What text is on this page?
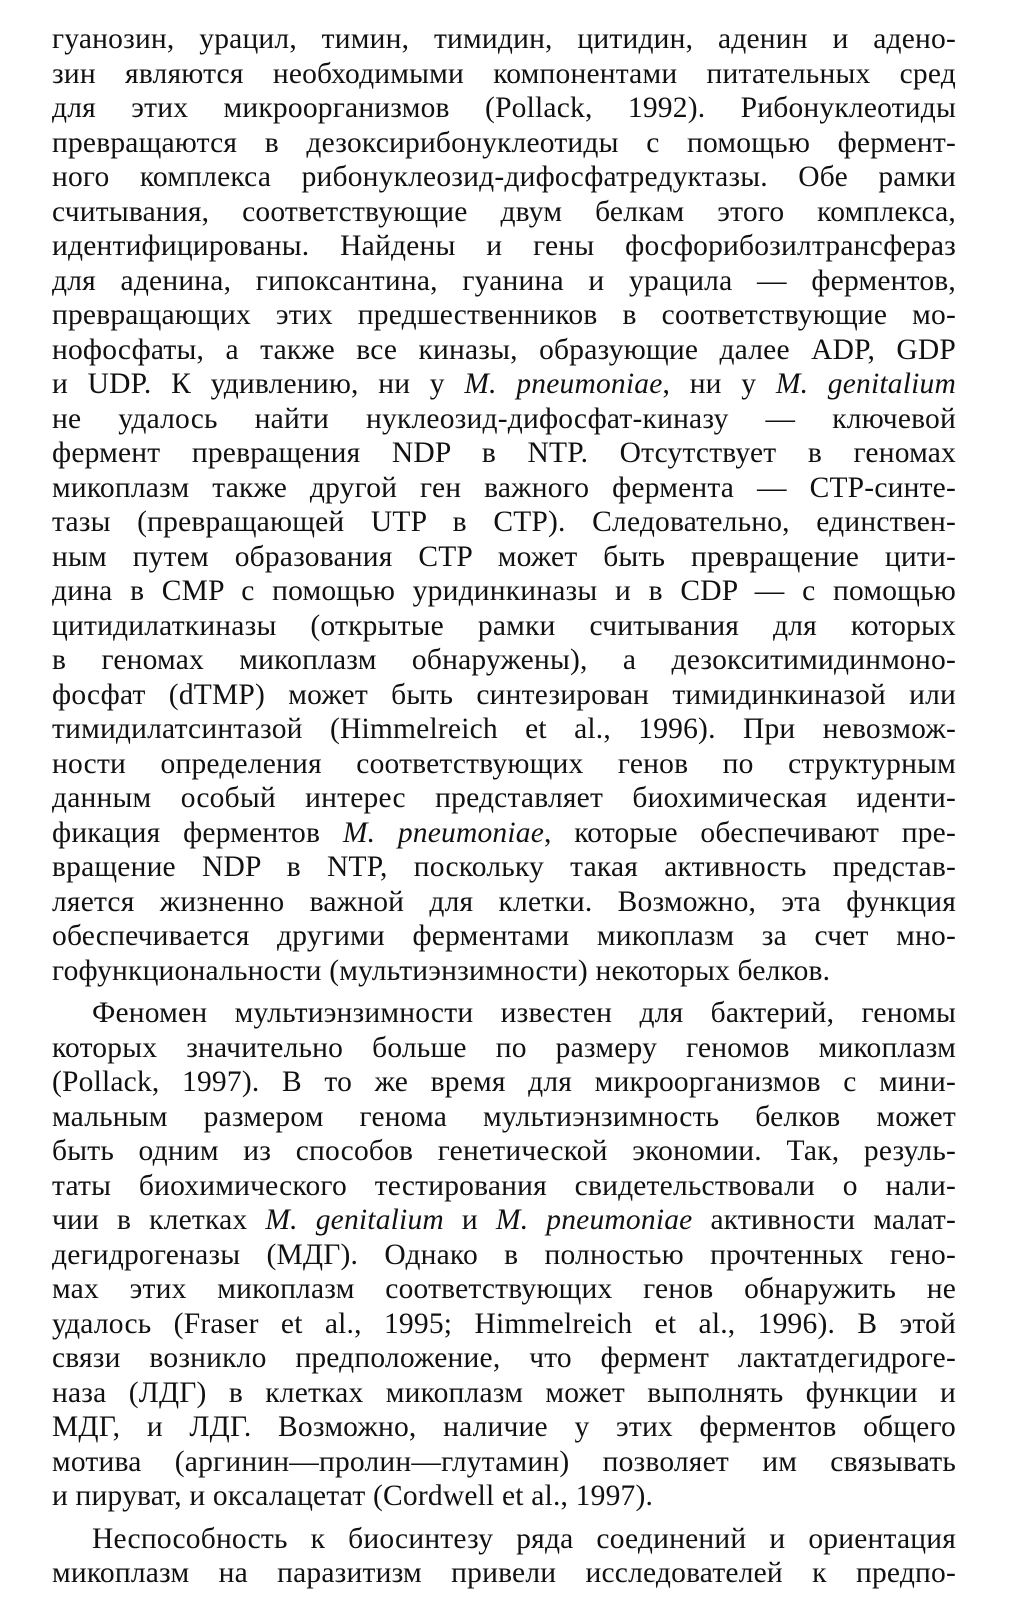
гуанозин, урацил, тимин, тимидин, цитидин, аденин и адено-
зин являются необходимыми компонентами питательных сред
для этих микроорганизмов (Pollack, 1992). Рибонуклеотиды
превращаются в дезоксирибонуклеотиды с помощью фермент-
ного комплекса рибонуклеозид-дифосфатредуктазы. Обе рамки
считывания, соответствующие двум белкам этого комплекса,
идентифицированы. Найдены и гены фосфорибозилтрансфераз
для аденина, гипоксантина, гуанина и урацила — ферментов,
превращающих этих предшественников в соответствующие мо-
нофосфаты, а также все киназы, образующие далее ADP, GDP
и UDP. К удивлению, ни у M. pneumoniae, ни у M. genitalium
не удалось найти нуклеозид-дифосфат-киназу — ключевой
фермент превращения NDP в NTP. Отсутствует в геномах
микоплазм также другой ген важного фермента — CTP-синте-
тазы (превращающей UTP в CTP). Следовательно, единствен-
ным путем образования CTP может быть превращение цити-
дина в CMP с помощью уридинкиназы и в CDP — с помощью
цитидилаткиназы (открытые рамки считывания для которых
в геномах микоплазм обнаружены), а дезокситимидинмоно-
фосфат (dTMP) может быть синтезирован тимидинкиназой или
тимидилатсинтазой (Himmelreich et al., 1996). При невозмож-
ности определения соответствующих генов по структурным
данным особый интерес представляет биохимическая иденти-
фикация ферментов M. pneumoniae, которые обеспечивают пре-
вращение NDP в NTP, поскольку такая активность представ-
ляется жизненно важной для клетки. Возможно, эта функция
обеспечивается другими ферментами микоплазм за счет мно-
гофункциональности (мультиэнзимности) некоторых белков.
Феномен мультиэнзимности известен для бактерий, геномы
которых значительно больше по размеру геномов микоплазм
(Pollack, 1997). В то же время для микроорганизмов с мини-
мальным размером генома мультиэнзимность белков может
быть одним из способов генетической экономии. Так, резуль-
таты биохимического тестирования свидетельствовали о нали-
чии в клетках M. genitalium и M. pneumoniae активности малат-
дегидрогеназы (МДГ). Однако в полностью прочтенных гено-
мах этих микоплазм соответствующих генов обнаружить не
удалось (Fraser et al., 1995; Himmelreich et al., 1996). В этой
связи возникло предположение, что фермент лактатдегидроге-
наза (ЛДГ) в клетках микоплазм может выполнять функции и
МДГ, и ЛДГ. Возможно, наличие у этих ферментов общего
мотива (аргинин—пролин—глутамин) позволяет им связывать
и пируват, и оксалацетат (Cordwell et al., 1997).
Неспособность к биосинтезу ряда соединений и ориентация
микоплазм на паразитизм привели исследователей к предпо-
